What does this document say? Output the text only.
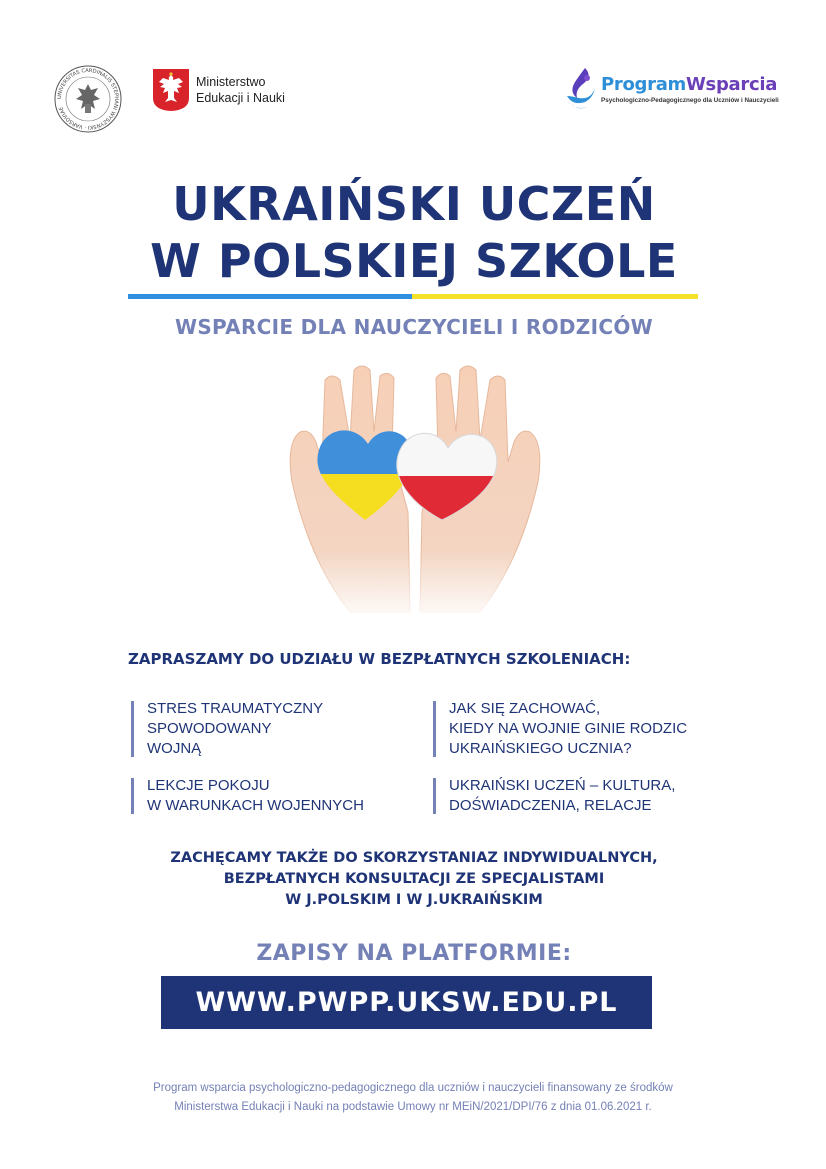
UNIVERSITAS CARDINALIS STEPHANI WYSZYŃSKI · VARSOVIAE
Ministerstwo
Edukacji i Nauki
ProgramWsparcia
Psychologiczno-Pedagogicznego dla Uczniów i Nauczycieli
UKRAIŃSKI UCZEŃ
W POLSKIEJ SZKOLE
WSPARCIE DLA NAUCZYCIELI I RODZICÓW
ZAPRASZAMY DO UDZIAŁU W BEZPŁATNYCH SZKOLENIACH:
STRES TRAUMATYCZNY
SPOWODOWANY
WOJNĄ
JAK SIĘ ZACHOWAĆ,
KIEDY NA WOJNIE GINIE RODZIC
UKRAIŃSKIEGO UCZNIA?
LEKCJE POKOJU
W WARUNKACH WOJENNYCH
UKRAIŃSKI UCZEŃ – KULTURA,
DOŚWIADCZENIA, RELACJE
ZACHĘCAMY TAKŻE DO SKORZYSTANIAZ INDYWIDUALNYCH,
BEZPŁATNYCH KONSULTACJI ZE SPECJALISTAMI
W J.POLSKIM I W J.UKRAIŃSKIM
ZAPISY NA PLATFORMIE:
WWW.PWPP.UKSW.EDU.PL
Program wsparcia psychologiczno-pedagogicznego dla uczniów i nauczycieli finansowany ze środków
Ministerstwa Edukacji i Nauki na podstawie Umowy nr MEiN/2021/DPI/76 z dnia 01.06.2021 r.
